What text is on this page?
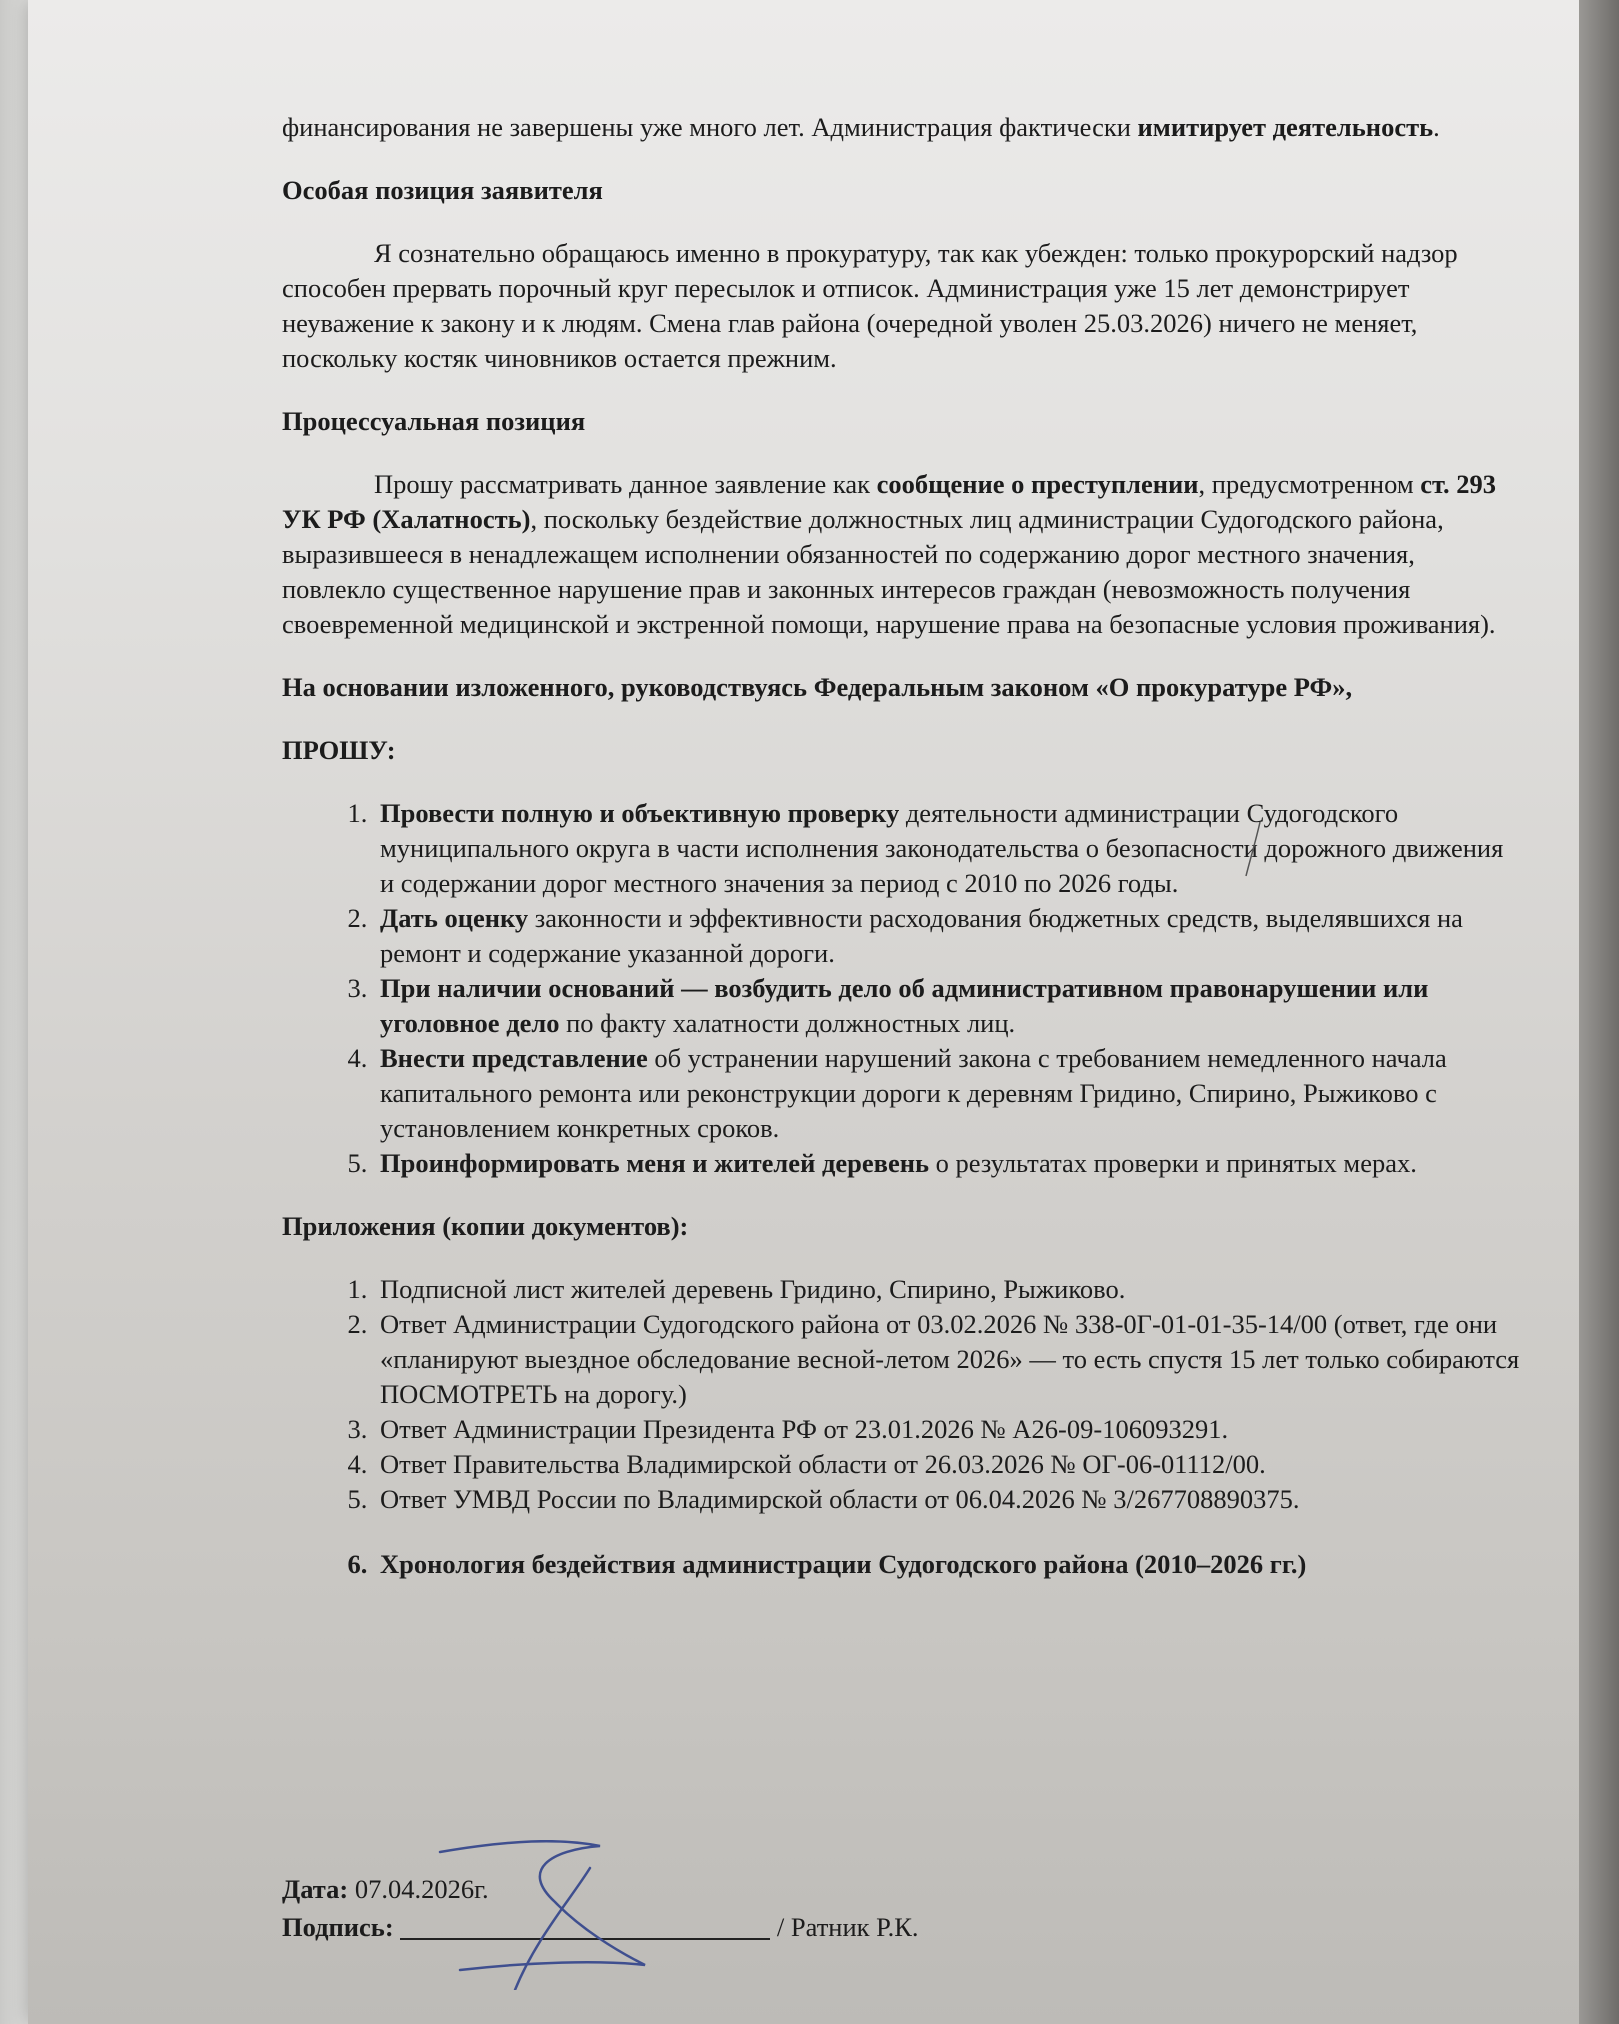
финансирования не завершены уже много лет. Администрация фактически имитирует деятельность.

Особая позиция заявителя

Я сознательно обращаюсь именно в прокуратуру, так как убежден: только прокурорский надзор способен прервать порочный круг пересылок и отписок. Администрация уже 15 лет демонстрирует неуважение к закону и к людям. Смена глав района (очередной уволен 25.03.2026) ничего не меняет, поскольку костяк чиновников остается прежним.

Процессуальная позиция

Прошу рассматривать данное заявление как сообщение о преступлении, предусмотренном ст. 293 УК РФ (Халатность), поскольку бездействие должностных лиц администрации Судогодского района, выразившееся в ненадлежащем исполнении обязанностей по содержанию дорог местного значения, повлекло существенное нарушение прав и законных интересов граждан (невозможность получения своевременной медицинской и экстренной помощи, нарушение права на безопасные условия проживания).

На основании изложенного, руководствуясь Федеральным законом «О прокуратуре РФ»,

ПРОШУ:

1. Провести полную и объективную проверку деятельности администрации Судогодского муниципального округа в части исполнения законодательства о безопасности дорожного движения и содержании дорог местного значения за период с 2010 по 2026 годы.
2. Дать оценку законности и эффективности расходования бюджетных средств, выделявшихся на ремонт и содержание указанной дороги.
3. При наличии оснований — возбудить дело об административном правонарушении или уголовное дело по факту халатности должностных лиц.
4. Внести представление об устранении нарушений закона с требованием немедленного начала капитального ремонта или реконструкции дороги к деревням Гридино, Спирино, Рыжиково с установлением конкретных сроков.
5. Проинформировать меня и жителей деревень о результатах проверки и принятых мерах.

Приложения (копии документов):

1. Подписной лист жителей деревень Гридино, Спирино, Рыжиково.
2. Ответ Администрации Судогодского района от 03.02.2026 № 338-0Г-01-01-35-14/00 (ответ, где они «планируют выездное обследование весной-летом 2026» — то есть спустя 15 лет только собираются ПОСМОТРЕТЬ на дорогу.)
3. Ответ Администрации Президента РФ от 23.01.2026 № А26-09-106093291.
4. Ответ Правительства Владимирской области от 26.03.2026 № ОГ-06-01112/00.
5. Ответ УМВД России по Владимирской области от 06.04.2026 № 3/267708890375.
6. Хронология бездействия администрации Судогодского района (2010–2026 гг.)
Дата: 07.04.2026г.
Подпись:	/ Ратник Р.К.
